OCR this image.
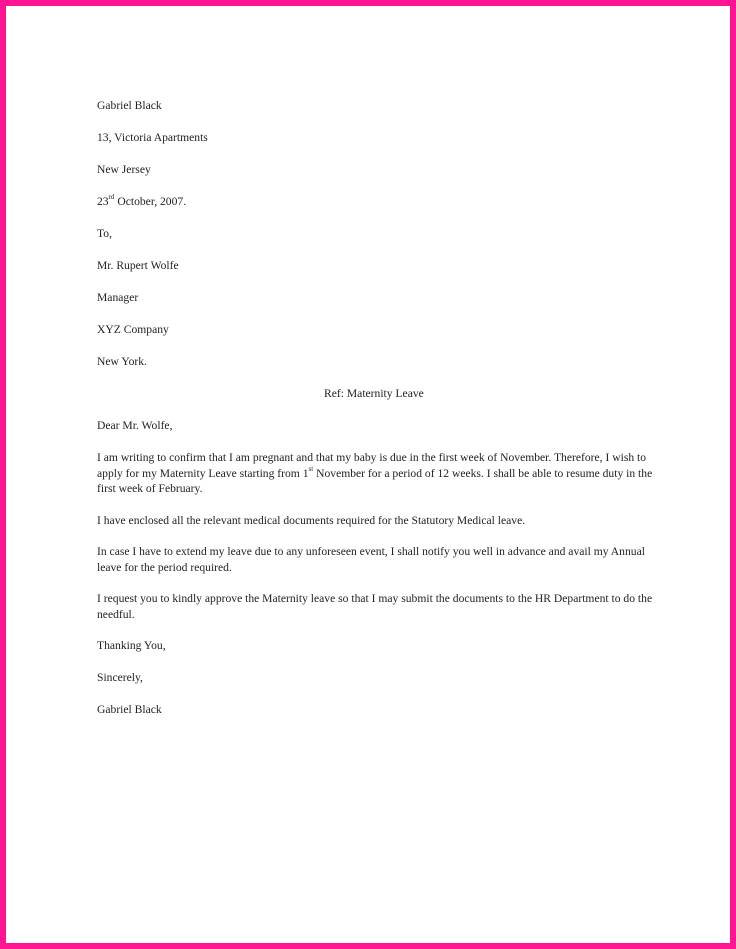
Gabriel Black
13, Victoria Apartments
New Jersey
23rd October, 2007.
To,
Mr. Rupert Wolfe
Manager
XYZ Company
New York.
Ref: Maternity Leave
Dear Mr. Wolfe,
I am writing to confirm that I am pregnant and that my baby is due in the first week of November. Therefore, I wish to apply for my Maternity Leave starting from 1st November for a period of 12 weeks. I shall be able to resume duty in the first week of February.
I have enclosed all the relevant medical documents required for the Statutory Medical leave.
In case I have to extend my leave due to any unforeseen event, I shall notify you well in advance and avail my Annual leave for the period required.
I request you to kindly approve the Maternity leave so that I may submit the documents to the HR Department to do the needful.
Thanking You,
Sincerely,
Gabriel Black
